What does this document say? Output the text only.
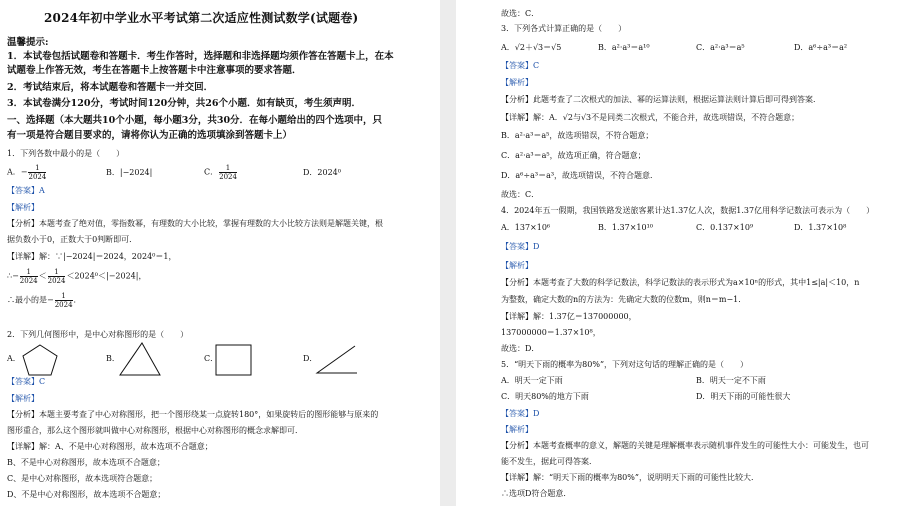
2024年初中学业水平考试第二次适应性测试数学(试题卷)
温馨提示:
1．本试卷包括试题卷和答题卡．考生作答时，选择题和非选择题均须作答在答题卡上，在本
试题卷上作答无效，考生在答题卡上按答题卡中注意事项的要求答题．
2．考试结束后，将本试题卷和答题卡一并交回．
3．本试卷满分120分，考试时间120分钟，共26个小题．如有缺页，考生须声明．
一、选择题（本大题共10个小题，每小题3分，共30分．在每小题给出的四个选项中，只
有一项是符合题目要求的，请将你认为正确的选项填涂到答题卡上）
1．下列各数中最小的是（　　）
A．− $\frac{1}{2024}$	B．|−2024|	C． $\frac{1}{2024}$	D．2024⁰
【答案】A
【解析】
【分析】本题考查了绝对值，零指数幂，有理数的大小比较，掌握有理数的大小比较方法则是解题关键，根
据负数小于0，正数大于0判断即可．
【详解】解：∵|−2024|＝2024，2024⁰＝1，
∴− $\frac{1}{2024} < \frac{1}{2024} <2024^0<|-2024|$，
∴最小的是− $\frac{1}{2024}$ ．
2．下列几何图形中，是中心对称图形的是（　　）
A．	B．	C．	D．
【答案】C
【解析】
【分析】本题主要考查了中心对称图形，把一个图形绕某一点旋转180°，如果旋转后的图形能够与原来的
图形重合，那么这个图形就叫做中心对称图形，根据中心对称图形的概念求解即可．
【详解】解：A、不是中心对称图形，故本选项不合题意；
B、不是中心对称图形，故本选项不合题意；
C、是中心对称图形，故本选项符合题意；
D、不是中心对称图形，故本选项不合题意；
故选：C．
3．下列各式计算正确的是（　　）
A．√2＋√3＝√5	B．a²·a³＝a¹⁰	C．a²·a³＝a⁵	D．a⁶÷a³＝a²
【答案】C
【解析】
【分析】此题考查了二次根式的加法、幂的运算法则，根据运算法则计算后即可得到答案．
【详解】解：A．√2与√3不是同类二次根式，不能合并，故选项错误，不符合题意；
B．a²·a³＝a⁵，故选项错误，不符合题意；
C．a²·a³＝a⁵，故选项正确，符合题意；
D．a⁶÷a³＝a³，故选项错误，不符合题意．
故选：C．
4．2024年五一假期，我国铁路发送旅客累计达1.37亿人次，数据1.37亿用科学记数法可表示为（　　）
A．137×10⁶	B．1.37×10¹⁰	C．0.137×10⁹	D．1.37×10⁸
【答案】D
【解析】
【分析】本题考查了大数的科学记数法，科学记数法的表示形式为a×10ⁿ的形式，其中1≤|a|＜10，n
为整数，确定大数的n的方法为：先确定大数的位数m，则n＝m−1．
【详解】解：1.37亿＝137000000，
137000000＝1.37×10⁸，
故选：D．
5．“明天下雨的概率为80%”，下列对这句话的理解正确的是（　　）
A．明天一定下雨	B．明天一定不下雨
C．明天80%的地方下雨	D．明天下雨的可能性很大
【答案】D
【解析】
【分析】本题考查概率的意义，解题的关键是理解概率表示随机事件发生的可能性大小：可能发生，也可
能不发生，据此可得答案．
【详解】解：“明天下雨的概率为80%”，说明明天下雨的可能性比较大．
∴选项D符合题意．
